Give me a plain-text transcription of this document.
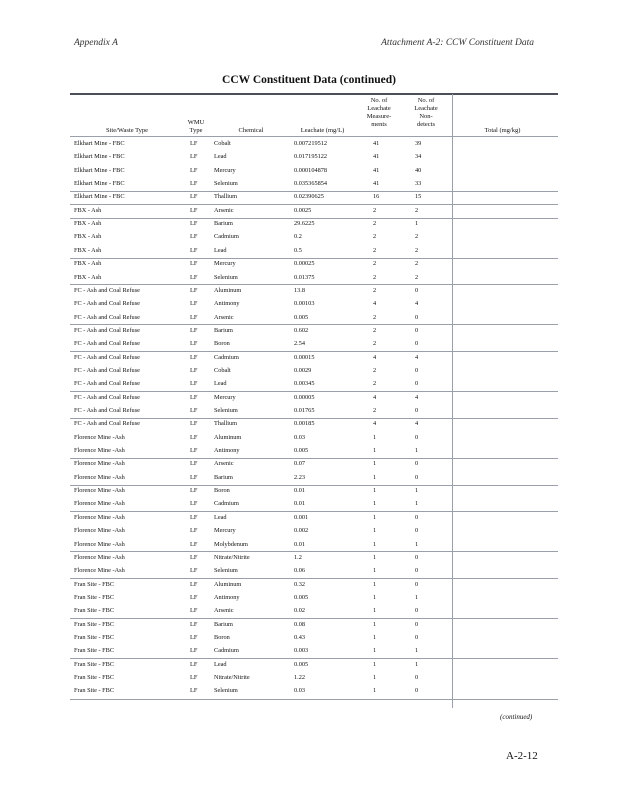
Appendix A	Attachment A-2: CCW Constituent Data
CCW Constituent Data (continued)
Site/Waste Type
WMU
Type	Chemical	Leachate (mg/L)
No. of
Leachate
Measure-
ments
No. of
Leachate
Non-
detects
Total (mg/kg)
Elkhart Mine - FBC	LF	Cobalt	0.007219512	41	39
Elkhart Mine - FBC	LF	Lead	0.017195122	41	34
Elkhart Mine - FBC	LF	Mercury	0.000104878	41	40
Elkhart Mine - FBC	LF	Selenium	0.035365854	41	33
Elkhart Mine - FBC	LF	Thallium	0.02390625	16	15
FBX - Ash	LF	Arsenic	0.0025	2	2
FBX - Ash	LF	Barium	29.6225	2	1
FBX - Ash	LF	Cadmium	0.2	2	2
FBX - Ash	LF	Lead	0.5	2	2
FBX - Ash	LF	Mercury	0.00025	2	2
FBX - Ash	LF	Selenium	0.01375	2	2
FC - Ash and Coal Refuse	LF	Aluminum	13.8	2	0
FC - Ash and Coal Refuse	LF	Antimony	0.00103	4	4
FC - Ash and Coal Refuse	LF	Arsenic	0.005	2	0
FC - Ash and Coal Refuse	LF	Barium	0.602	2	0
FC - Ash and Coal Refuse	LF	Boron	2.54	2	0
FC - Ash and Coal Refuse	LF	Cadmium	0.00015	4	4
FC - Ash and Coal Refuse	LF	Cobalt	0.0029	2	0
FC - Ash and Coal Refuse	LF	Lead	0.00345	2	0
FC - Ash and Coal Refuse	LF	Mercury	0.00005	4	4
FC - Ash and Coal Refuse	LF	Selenium	0.01765	2	0
FC - Ash and Coal Refuse	LF	Thallium	0.00185	4	4
Florence Mine -Ash	LF	Aluminum	0.03	1	0
Florence Mine -Ash	LF	Antimony	0.005	1	1
Florence Mine -Ash	LF	Arsenic	0.07	1	0
Florence Mine -Ash	LF	Barium	2.23	1	0
Florence Mine -Ash	LF	Boron	0.01	1	1
Florence Mine -Ash	LF	Cadmium	0.01	1	1
Florence Mine -Ash	LF	Lead	0.001	1	0
Florence Mine -Ash	LF	Mercury	0.002	1	0
Florence Mine -Ash	LF	Molybdenum	0.01	1	1
Florence Mine -Ash	LF	Nitrate/Nitrite	1.2	1	0
Florence Mine -Ash	LF	Selenium	0.06	1	0
Fran Site - FBC	LF	Aluminum	0.32	1	0
Fran Site - FBC	LF	Antimony	0.005	1	1
Fran Site - FBC	LF	Arsenic	0.02	1	0
Fran Site - FBC	LF	Barium	0.08	1	0
Fran Site - FBC	LF	Boron	0.43	1	0
Fran Site - FBC	LF	Cadmium	0.003	1	1
Fran Site - FBC	LF	Lead	0.005	1	1
Fran Site - FBC	LF	Nitrate/Nitrite	1.22	1	0
Fran Site - FBC	LF	Selenium	0.03	1	0
(continued)
A-2-12
